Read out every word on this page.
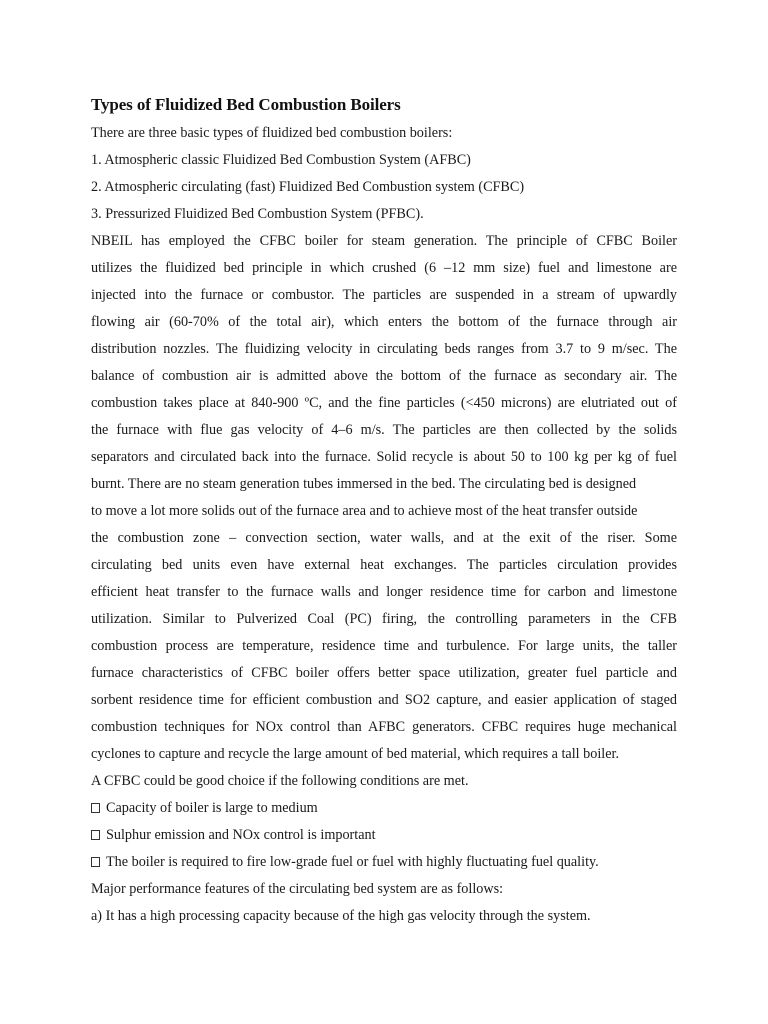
Types of Fluidized Bed Combustion Boilers

There are three basic types of fluidized bed combustion boilers:

1. Atmospheric classic Fluidized Bed Combustion System (AFBC)

2. Atmospheric circulating (fast) Fluidized Bed Combustion system (CFBC)

3. Pressurized Fluidized Bed Combustion System (PFBC).

NBEIL has employed the CFBC boiler for steam generation. The principle of CFBC Boiler

utilizes the fluidized bed principle in which crushed (6 –12 mm size) fuel and limestone are

injected into the furnace or combustor. The particles are suspended in a stream of upwardly

flowing air (60-70% of the total air), which enters the bottom of the furnace through air

distribution nozzles. The fluidizing velocity in circulating beds ranges from 3.7 to 9 m/sec. The

balance of combustion air is admitted above the bottom of the furnace as secondary air. The

combustion takes place at 840-900 ºC, and the fine particles (<450 microns) are elutriated out of

the furnace with flue gas velocity of 4–6 m/s. The particles are then collected by the solids

separators and circulated back into the furnace. Solid recycle is about 50 to 100 kg per kg of fuel

burnt. There are no steam generation tubes immersed in the bed. The circulating bed is designed

to move a lot more solids out of the furnace area and to achieve most of the heat transfer outside

the combustion zone – convection section, water walls, and at the exit of the riser. Some

circulating bed units even have external heat exchanges. The particles circulation provides

efficient heat transfer to the furnace walls and longer residence time for carbon and limestone

utilization. Similar to Pulverized Coal (PC) firing, the controlling parameters in the CFB

combustion process are temperature, residence time and turbulence. For large units, the taller

furnace characteristics of CFBC boiler offers better space utilization, greater fuel particle and

sorbent residence time for efficient combustion and SO2 capture, and easier application of staged

combustion techniques for NOx control than AFBC generators. CFBC requires huge mechanical

cyclones to capture and recycle the large amount of bed material, which requires a tall boiler.

A CFBC could be good choice if the following conditions are met.

Capacity of boiler is large to medium

Sulphur emission and NOx control is important

The boiler is required to fire low-grade fuel or fuel with highly fluctuating fuel quality.

Major performance features of the circulating bed system are as follows:

a) It has a high processing capacity because of the high gas velocity through the system.
